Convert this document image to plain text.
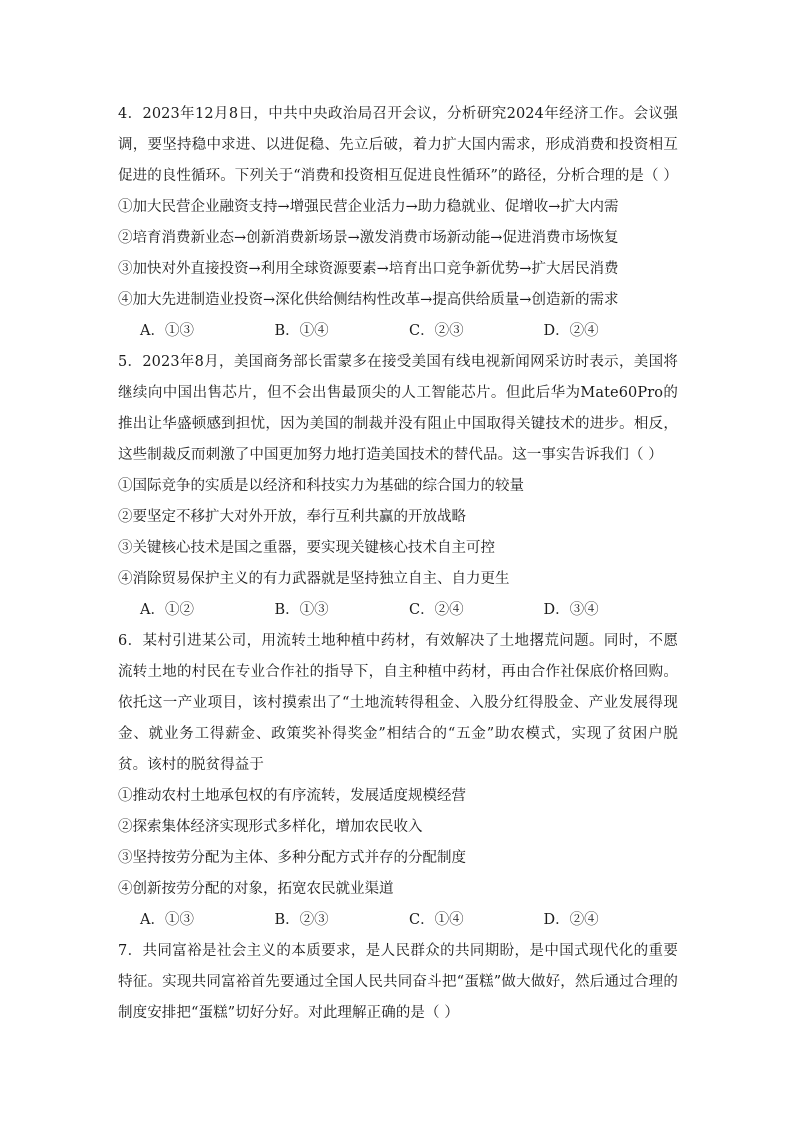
4．2023年12月8日，中共中央政治局召开会议，分析研究2024年经济工作。会议强调，要坚持稳中求进、以进促稳、先立后破，着力扩大国内需求，形成消费和投资相互促进的良性循环。下列关于“消费和投资相互促进良性循环”的路径，分析合理的是（ ）

①加大民营企业融资支持→增强民营企业活力→助力稳就业、促增收→扩大内需

②培育消费新业态→创新消费新场景→激发消费市场新动能→促进消费市场恢复

③加快对外直接投资→利用全球资源要素→培育出口竞争新优势→扩大居民消费

④加大先进制造业投资→深化供给侧结构性改革→提高供给质量→创造新的需求

A．①③	B．①④	C．②③	D．②④

5．2023年8月，美国商务部长雷蒙多在接受美国有线电视新闻网采访时表示，美国将继续向中国出售芯片，但不会出售最顶尖的人工智能芯片。但此后华为Mate60Pro的推出让华盛顿感到担忧，因为美国的制裁并没有阻止中国取得关键技术的进步。相反，这些制裁反而刺激了中国更加努力地打造美国技术的替代品。这一事实告诉我们（ ）

①国际竞争的实质是以经济和科技实力为基础的综合国力的较量

②要坚定不移扩大对外开放，奉行互利共赢的开放战略

③关键核心技术是国之重器，要实现关键核心技术自主可控

④消除贸易保护主义的有力武器就是坚持独立自主、自力更生

A．①②	B．①③	C．②④	D．③④

6．某村引进某公司，用流转土地种植中药材，有效解决了土地撂荒问题。同时，不愿流转土地的村民在专业合作社的指导下，自主种植中药材，再由合作社保底价格回购。依托这一产业项目，该村摸索出了“土地流转得租金、入股分红得股金、产业发展得现金、就业务工得薪金、政策奖补得奖金”相结合的“五金”助农模式，实现了贫困户脱贫。该村的脱贫得益于

①推动农村土地承包权的有序流转，发展适度规模经营

②探索集体经济实现形式多样化，增加农民收入

③坚持按劳分配为主体、多种分配方式并存的分配制度

④创新按劳分配的对象，拓宽农民就业渠道

A．①③	B．②③	C．①④	D．②④

7．共同富裕是社会主义的本质要求，是人民群众的共同期盼，是中国式现代化的重要特征。实现共同富裕首先要通过全国人民共同奋斗把“蛋糕”做大做好，然后通过合理的制度安排把“蛋糕”切好分好。对此理解正确的是（ ）
